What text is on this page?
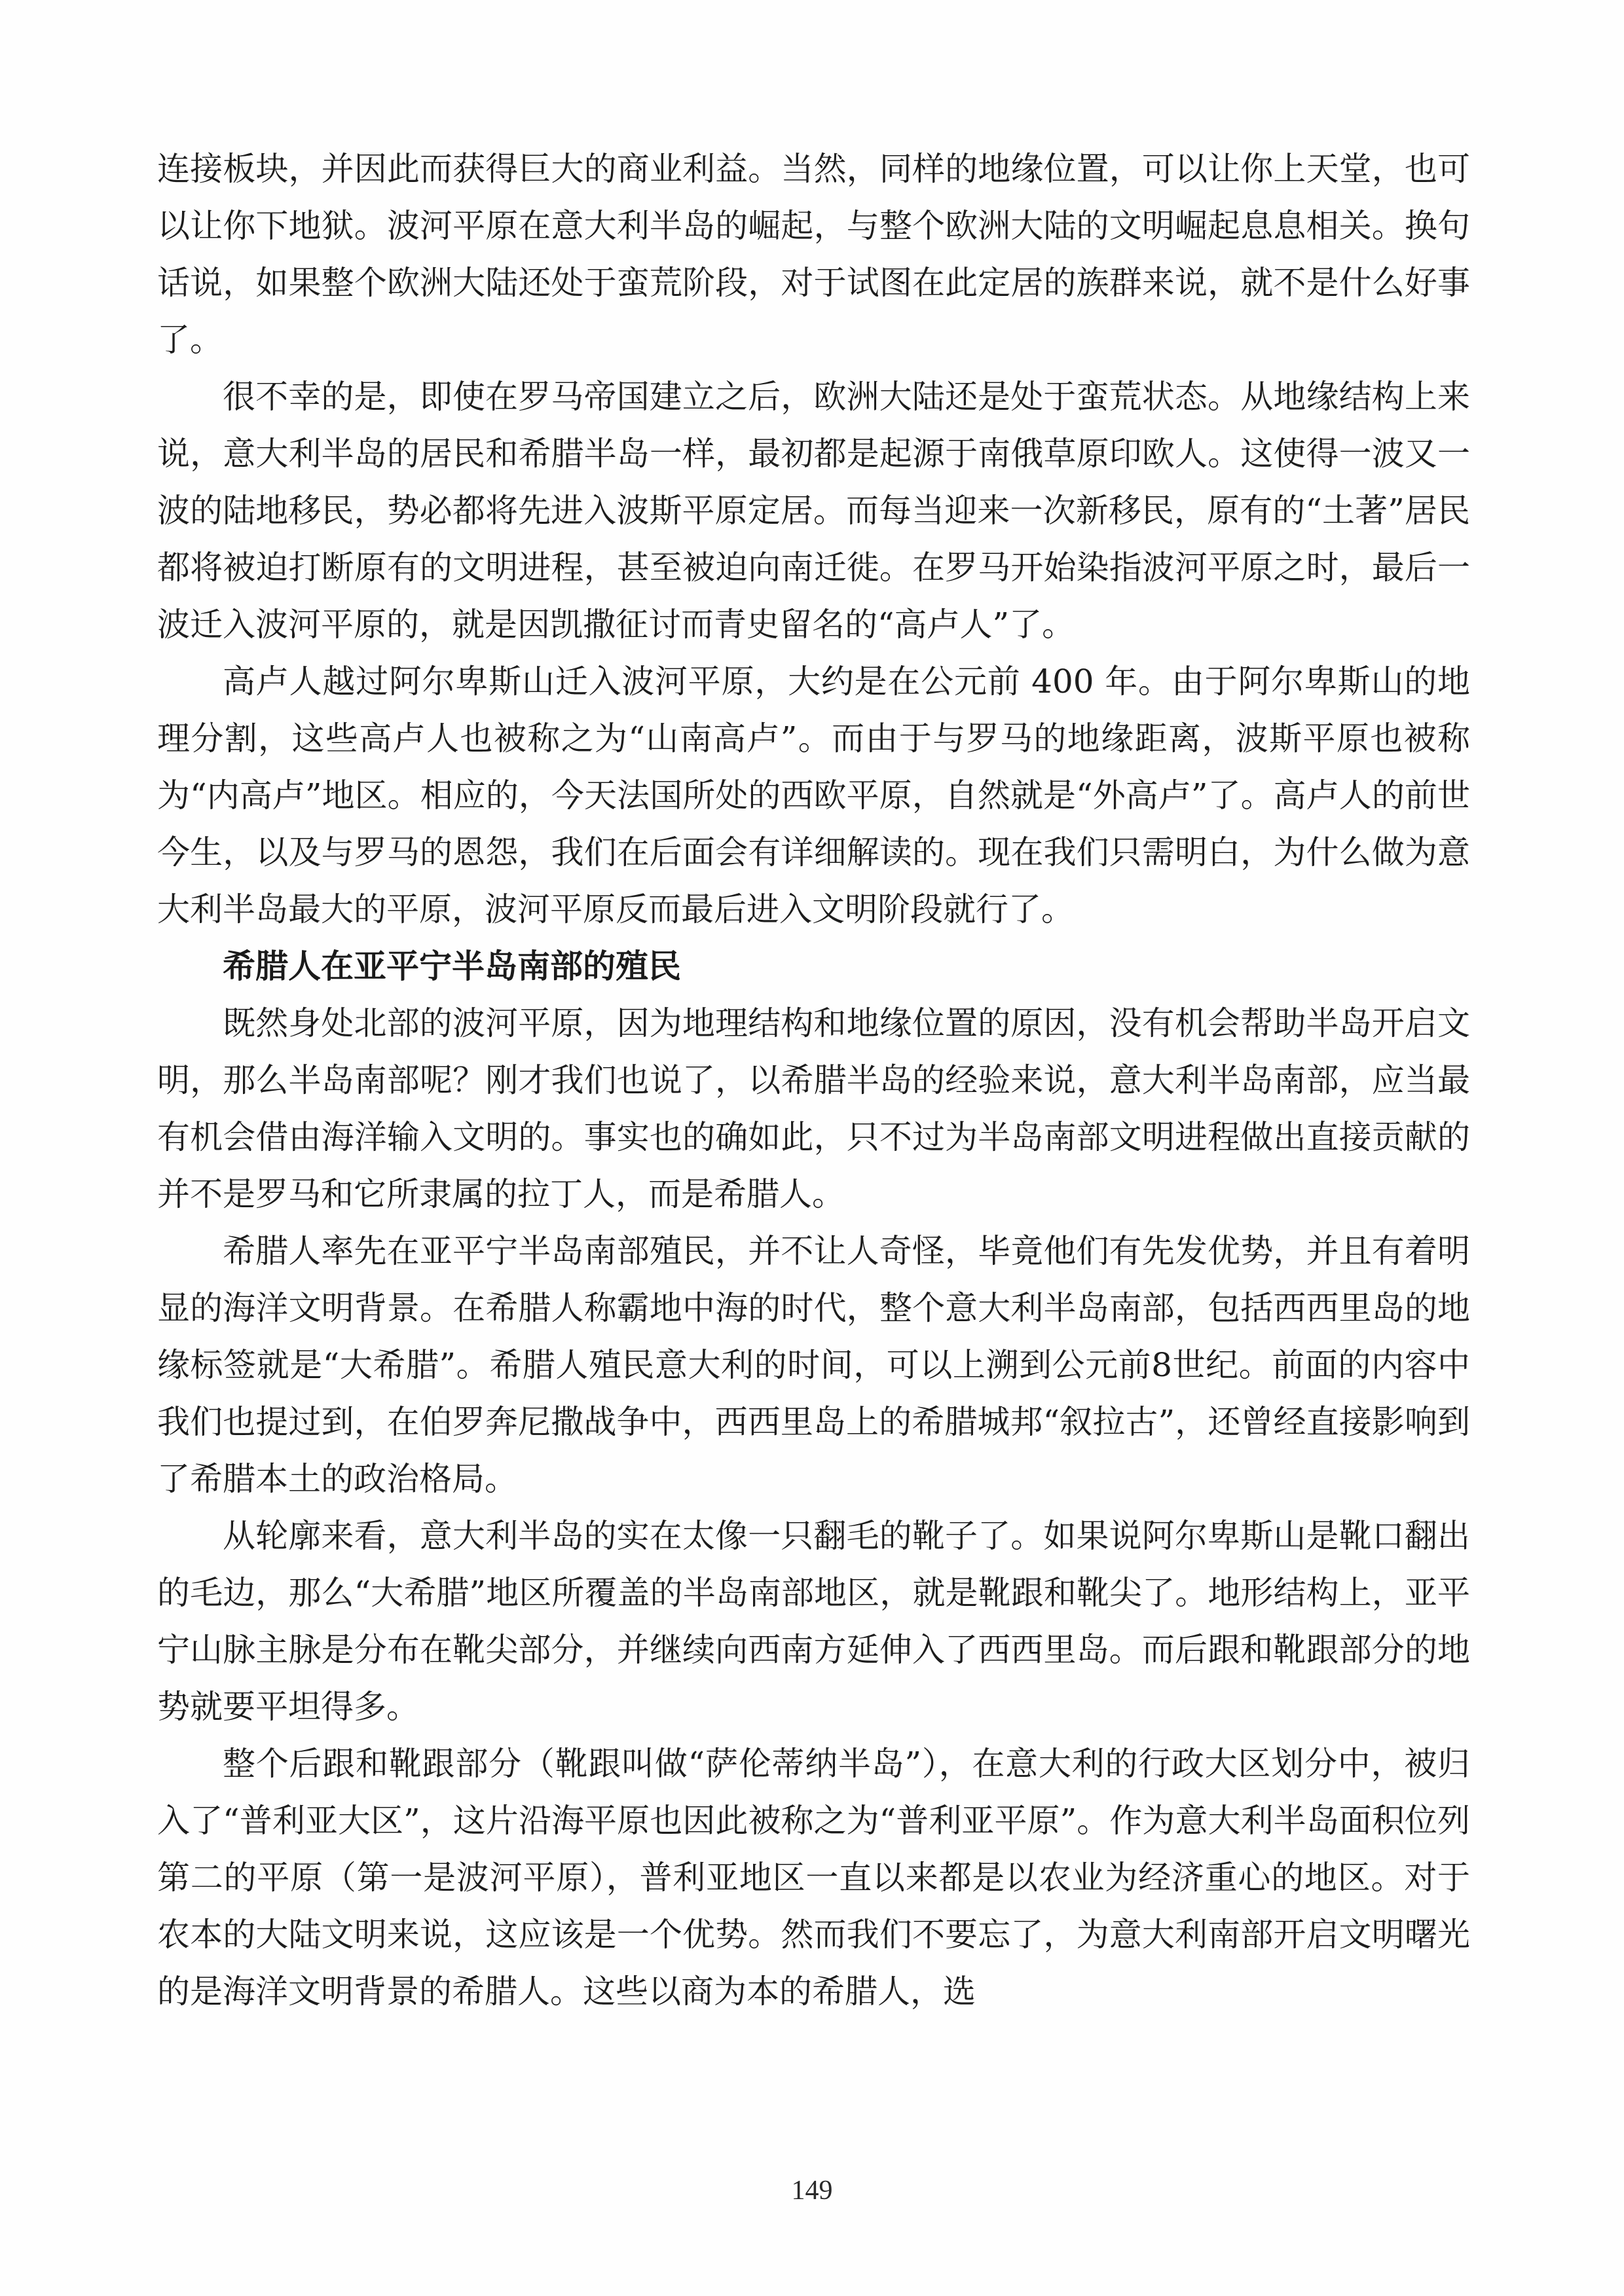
连接板块，并因此而获得巨大的商业利益。当然，同样的地缘位置，可以让你上天堂，也可以让你下地狱。波河平原在意大利半岛的崛起，与整个欧洲大陆的文明崛起息息相关。换句话说，如果整个欧洲大陆还处于蛮荒阶段，对于试图在此定居的族群来说，就不是什么好事了。

很不幸的是，即使在罗马帝国建立之后，欧洲大陆还是处于蛮荒状态。从地缘结构上来说，意大利半岛的居民和希腊半岛一样，最初都是起源于南俄草原印欧人。这使得一波又一波的陆地移民，势必都将先进入波斯平原定居。而每当迎来一次新移民，原有的“土著”居民都将被迫打断原有的文明进程，甚至被迫向南迁徙。在罗马开始染指波河平原之时，最后一波迁入波河平原的，就是因凯撒征讨而青史留名的“高卢人”了。

高卢人越过阿尔卑斯山迁入波河平原，大约是在公元前 400 年。由于阿尔卑斯山的地理分割，这些高卢人也被称之为“山南高卢”。而由于与罗马的地缘距离，波斯平原也被称为“内高卢”地区。相应的，今天法国所处的西欧平原，自然就是“外高卢”了。高卢人的前世今生，以及与罗马的恩怨，我们在后面会有详细解读的。现在我们只需明白，为什么做为意大利半岛最大的平原，波河平原反而最后进入文明阶段就行了。

希腊人在亚平宁半岛南部的殖民

既然身处北部的波河平原，因为地理结构和地缘位置的原因，没有机会帮助半岛开启文明，那么半岛南部呢？刚才我们也说了，以希腊半岛的经验来说，意大利半岛南部，应当最有机会借由海洋输入文明的。事实也的确如此，只不过为半岛南部文明进程做出直接贡献的并不是罗马和它所隶属的拉丁人，而是希腊人。

希腊人率先在亚平宁半岛南部殖民，并不让人奇怪，毕竟他们有先发优势，并且有着明显的海洋文明背景。在希腊人称霸地中海的时代，整个意大利半岛南部，包括西西里岛的地缘标签就是“大希腊”。希腊人殖民意大利的时间，可以上溯到公元前8世纪。前面的内容中我们也提过到，在伯罗奔尼撒战争中，西西里岛上的希腊城邦“叙拉古”，还曾经直接影响到了希腊本土的政治格局。

从轮廓来看，意大利半岛的实在太像一只翻毛的靴子了。如果说阿尔卑斯山是靴口翻出的毛边，那么“大希腊”地区所覆盖的半岛南部地区，就是靴跟和靴尖了。地形结构上，亚平宁山脉主脉是分布在靴尖部分，并继续向西南方延伸入了西西里岛。而后跟和靴跟部分的地势就要平坦得多。

整个后跟和靴跟部分（靴跟叫做“萨伦蒂纳半岛”），在意大利的行政大区划分中，被归入了“普利亚大区”，这片沿海平原也因此被称之为“普利亚平原”。作为意大利半岛面积位列第二的平原（第一是波河平原），普利亚地区一直以来都是以农业为经济重心的地区。对于农本的大陆文明来说，这应该是一个优势。然而我们不要忘了，为意大利南部开启文明曙光的是海洋文明背景的希腊人。这些以商为本的希腊人，选

149
